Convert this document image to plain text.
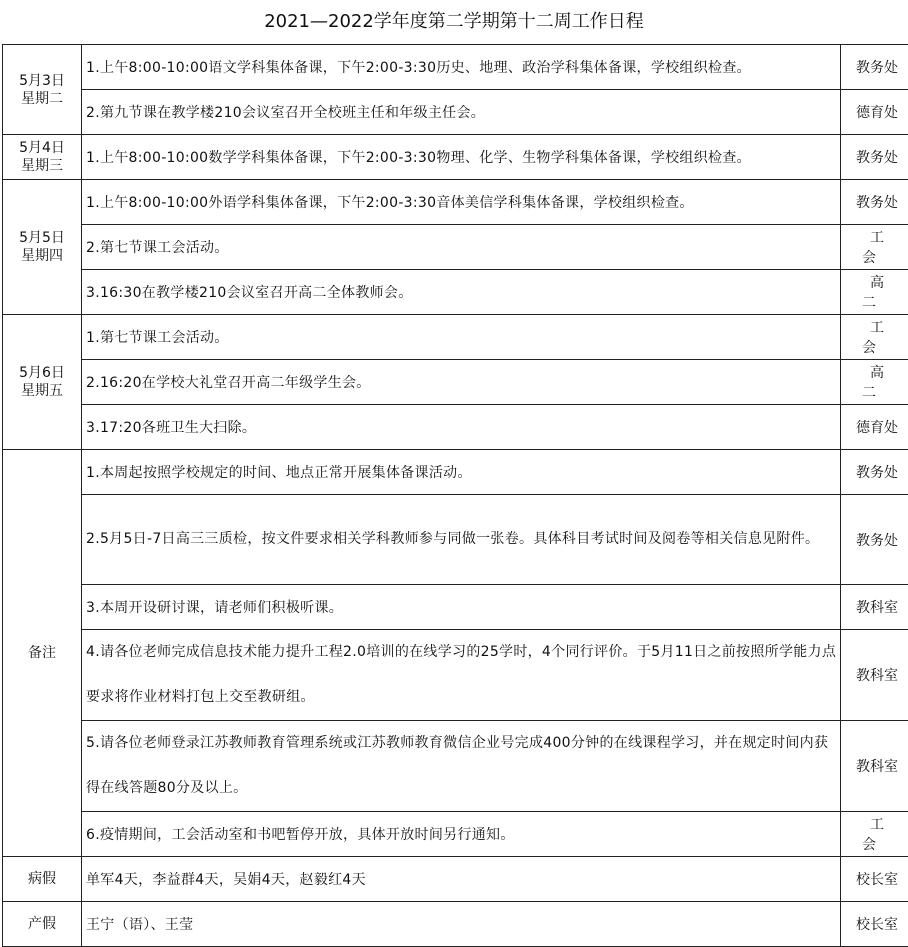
2021—2022学年度第二学期第十二周工作日程
5月3日
星期二	1.上午8:00-10:00语文学科集体备课，下午2:00-3:30历史、地理、政治学科集体备课，学校组织检查。	教务处
	2.第九节课在教学楼210会议室召开全校班主任和年级主任会。	德育处
5月4日
星期三	1.上午8:00-10:00数学学科集体备课，下午2:00-3:30物理、化学、生物学科集体备课，学校组织检查。	教务处
5月5日
星期四	1.上午8:00-10:00外语学科集体备课，下午2:00-3:30音体美信学科集体备课，学校组织检查。	教务处
	2.第七节课工会活动。	工会
	3.16:30在教学楼210会议室召开高二全体教师会。	高二
5月6日
星期五	1.第七节课工会活动。	工会
	2.16:20在学校大礼堂召开高二年级学生会。	高二
	3.17:20各班卫生大扫除。	德育处
备注	1.本周起按照学校规定的时间、地点正常开展集体备课活动。	教务处
	2.5月5日-7日高三三质检，按文件要求相关学科教师参与同做一张卷。具体科目考试时间及阅卷等相关信息见附件。	教务处
	3.本周开设研讨课，请老师们积极听课。	教科室
	4.请各位老师完成信息技术能力提升工程2.0培训的在线学习的25学时，4个同行评价。于5月11日之前按照所学能力点要求将作业材料打包上交至教研组。	教科室
	5.请各位老师登录江苏教师教育管理系统或江苏教师教育微信企业号完成400分钟的在线课程学习，并在规定时间内获得在线答题80分及以上。	教科室
	6.疫情期间，工会活动室和书吧暂停开放，具体开放时间另行通知。	工会
病假	单军4天，李益群4天，吴娟4天，赵毅红4天	校长室
产假	王宁（语）、王莹	校长室
